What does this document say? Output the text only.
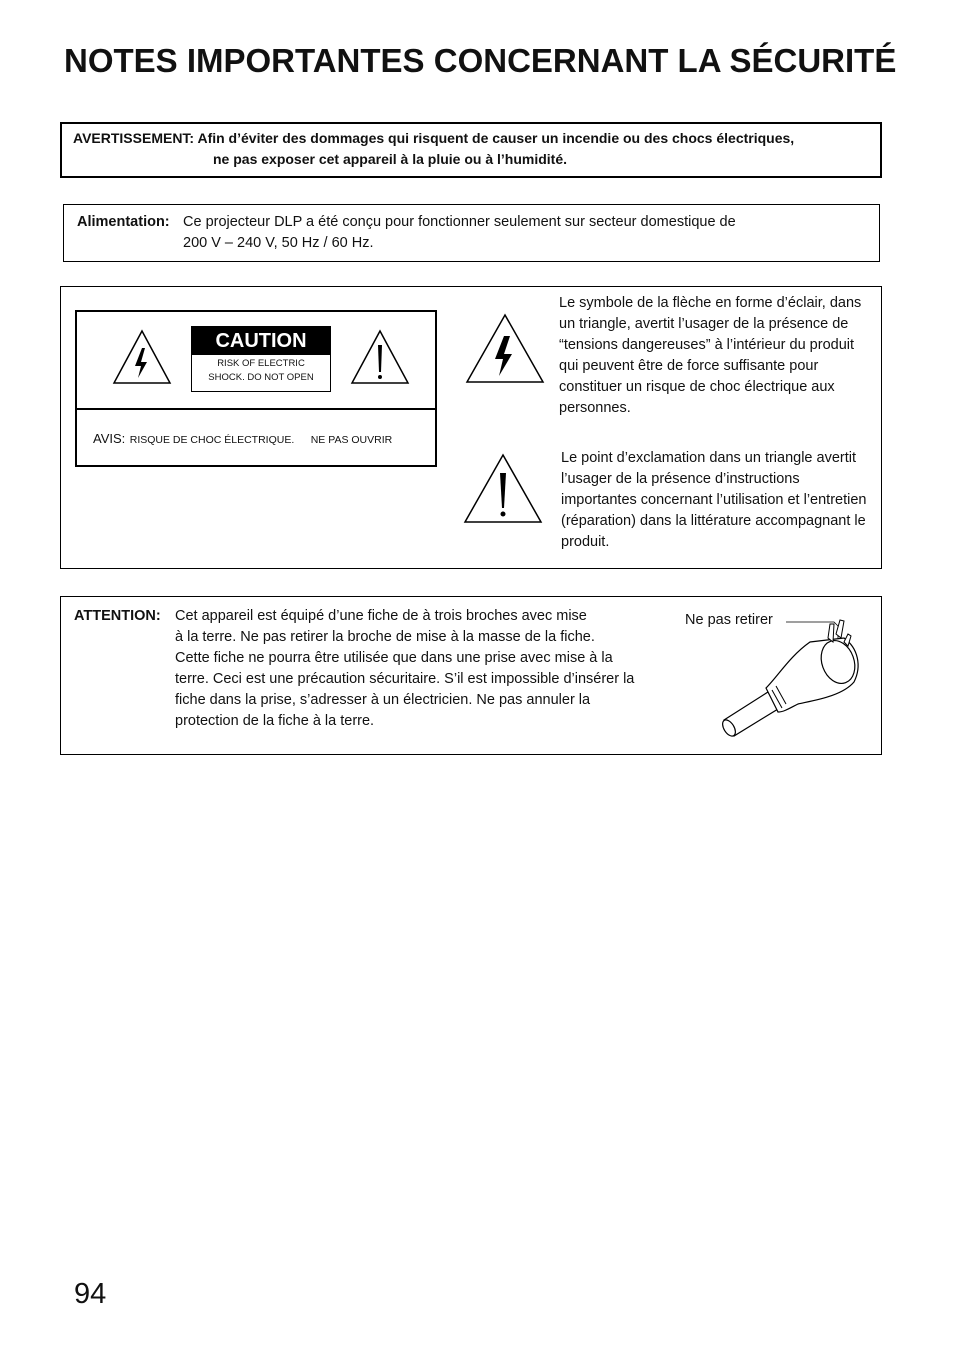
NOTES IMPORTANTES CONCERNANT LA SÉCURITÉ
AVERTISSEMENT: Afin d’éviter des dommages qui risquent de causer un incendie ou des chocs électriques,
ne pas exposer cet appareil à la pluie ou à l’humidité.
Alimentation: Ce projecteur DLP a été conçu pour fonctionner seulement sur secteur domestique de
200 V – 240 V, 50 Hz / 60 Hz.
CAUTION
RISK OF ELECTRIC
SHOCK. DO NOT OPEN
AVIS: RISQUE DE CHOC ÉLECTRIQUE. NE PAS OUVRIR
Le symbole de la flèche en forme d’éclair, dans un triangle, avertit l’usager de la présence de “tensions dangereuses” à l’intérieur du produit qui peuvent être de force suffisante pour constituer un risque de choc électrique aux personnes.
Le point d’exclamation dans un triangle avertit l’usager de la présence d’instructions importantes concernant l’utilisation et l’entretien (réparation) dans la littérature accompagnant le produit.
ATTENTION: Cet appareil est équipé d’une fiche de à trois broches avec mise
à la terre. Ne pas retirer la broche de mise à la masse de la fiche.
Cette fiche ne pourra être utilisée que dans une prise avec mise à la
terre. Ceci est une précaution sécuritaire. S’il est impossible d’insérer la
fiche dans la prise, s’adresser à un électricien. Ne pas annuler la
protection de la fiche à la terre.
Ne pas retirer
94
